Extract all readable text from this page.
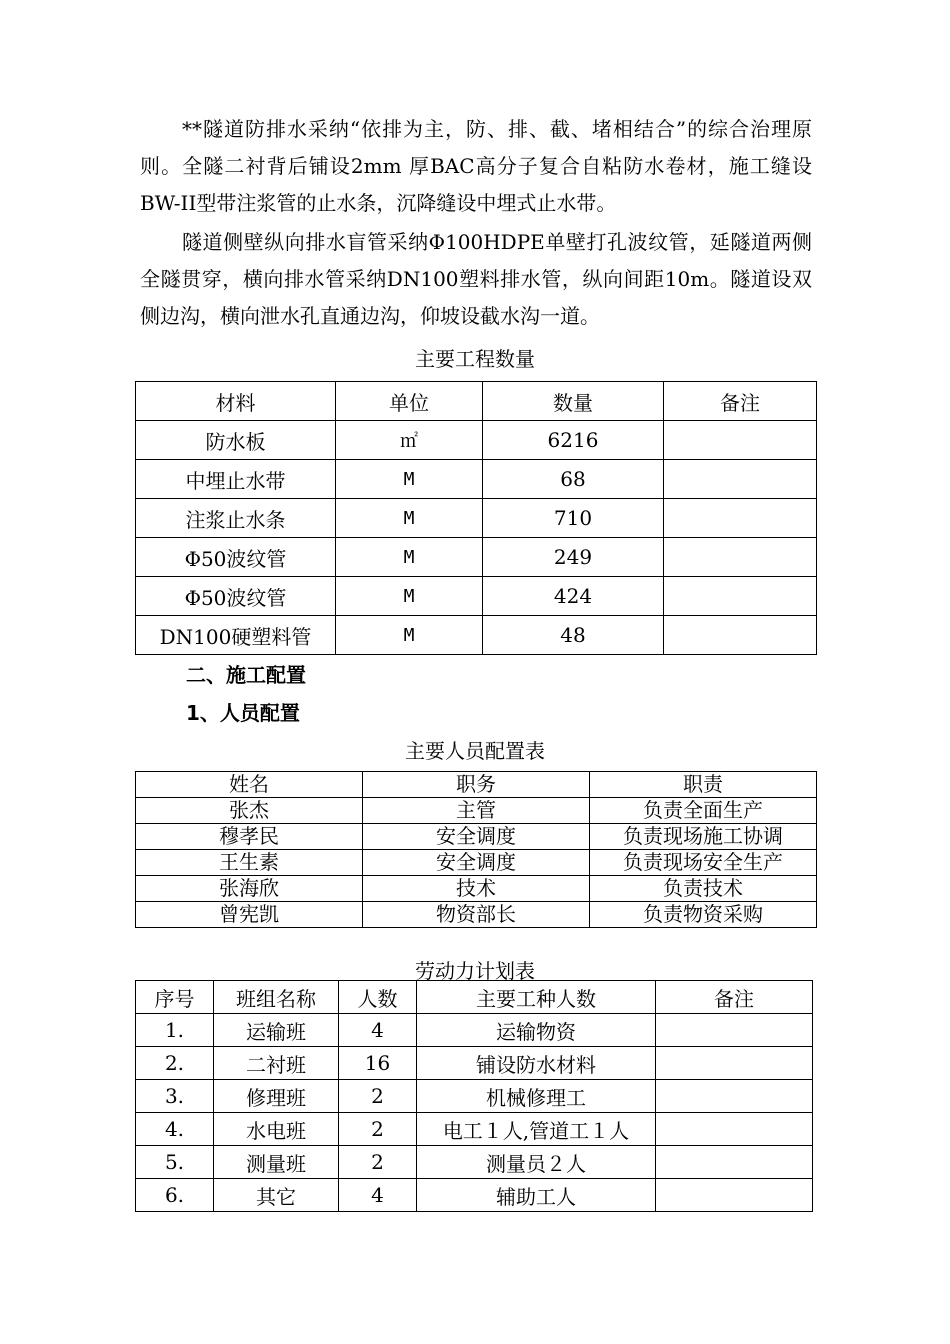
**隧道防排水采纳“依排为主，防、排、截、堵相结合”的综合治理原则。全隧二衬背后铺设2mm 厚BAC高分子复合自粘防水卷材，施工缝设BW-II型带注浆管的止水条，沉降缝设中埋式止水带。

隧道侧壁纵向排水盲管采纳Φ100HDPE单壁打孔波纹管，延隧道两侧全隧贯穿，横向排水管采纳DN100塑料排水管，纵向间距10m。隧道设双侧边沟，横向泄水孔直通边沟，仰坡设截水沟一道。

主要工程数量

材料	单位	数量	备注
防水板	㎡	6216	
中埋止水带	M	68	
注浆止水条	M	710	
Φ50波纹管	M	249	
Φ50波纹管	M	424	
DN100硬塑料管	M	48	

二、施工配置

1、人员配置

主要人员配置表

姓名	职务	职责
张杰	主管	负责全面生产
穆孝民	安全调度	负责现场施工协调
王生素	安全调度	负责现场安全生产
张海欣	技术	负责技术
曾宪凯	物资部长	负责物资采购

劳动力计划表

序号	班组名称	人数	主要工种人数	备注
1.	运输班	4	运输物资	
2.	二衬班	16	铺设防水材料	
3.	修理班	2	机械修理工	
4.	水电班	2	电工１人,管道工１人	
5.	测量班	2	测量员２人	
6.	其它	4	辅助工人	
